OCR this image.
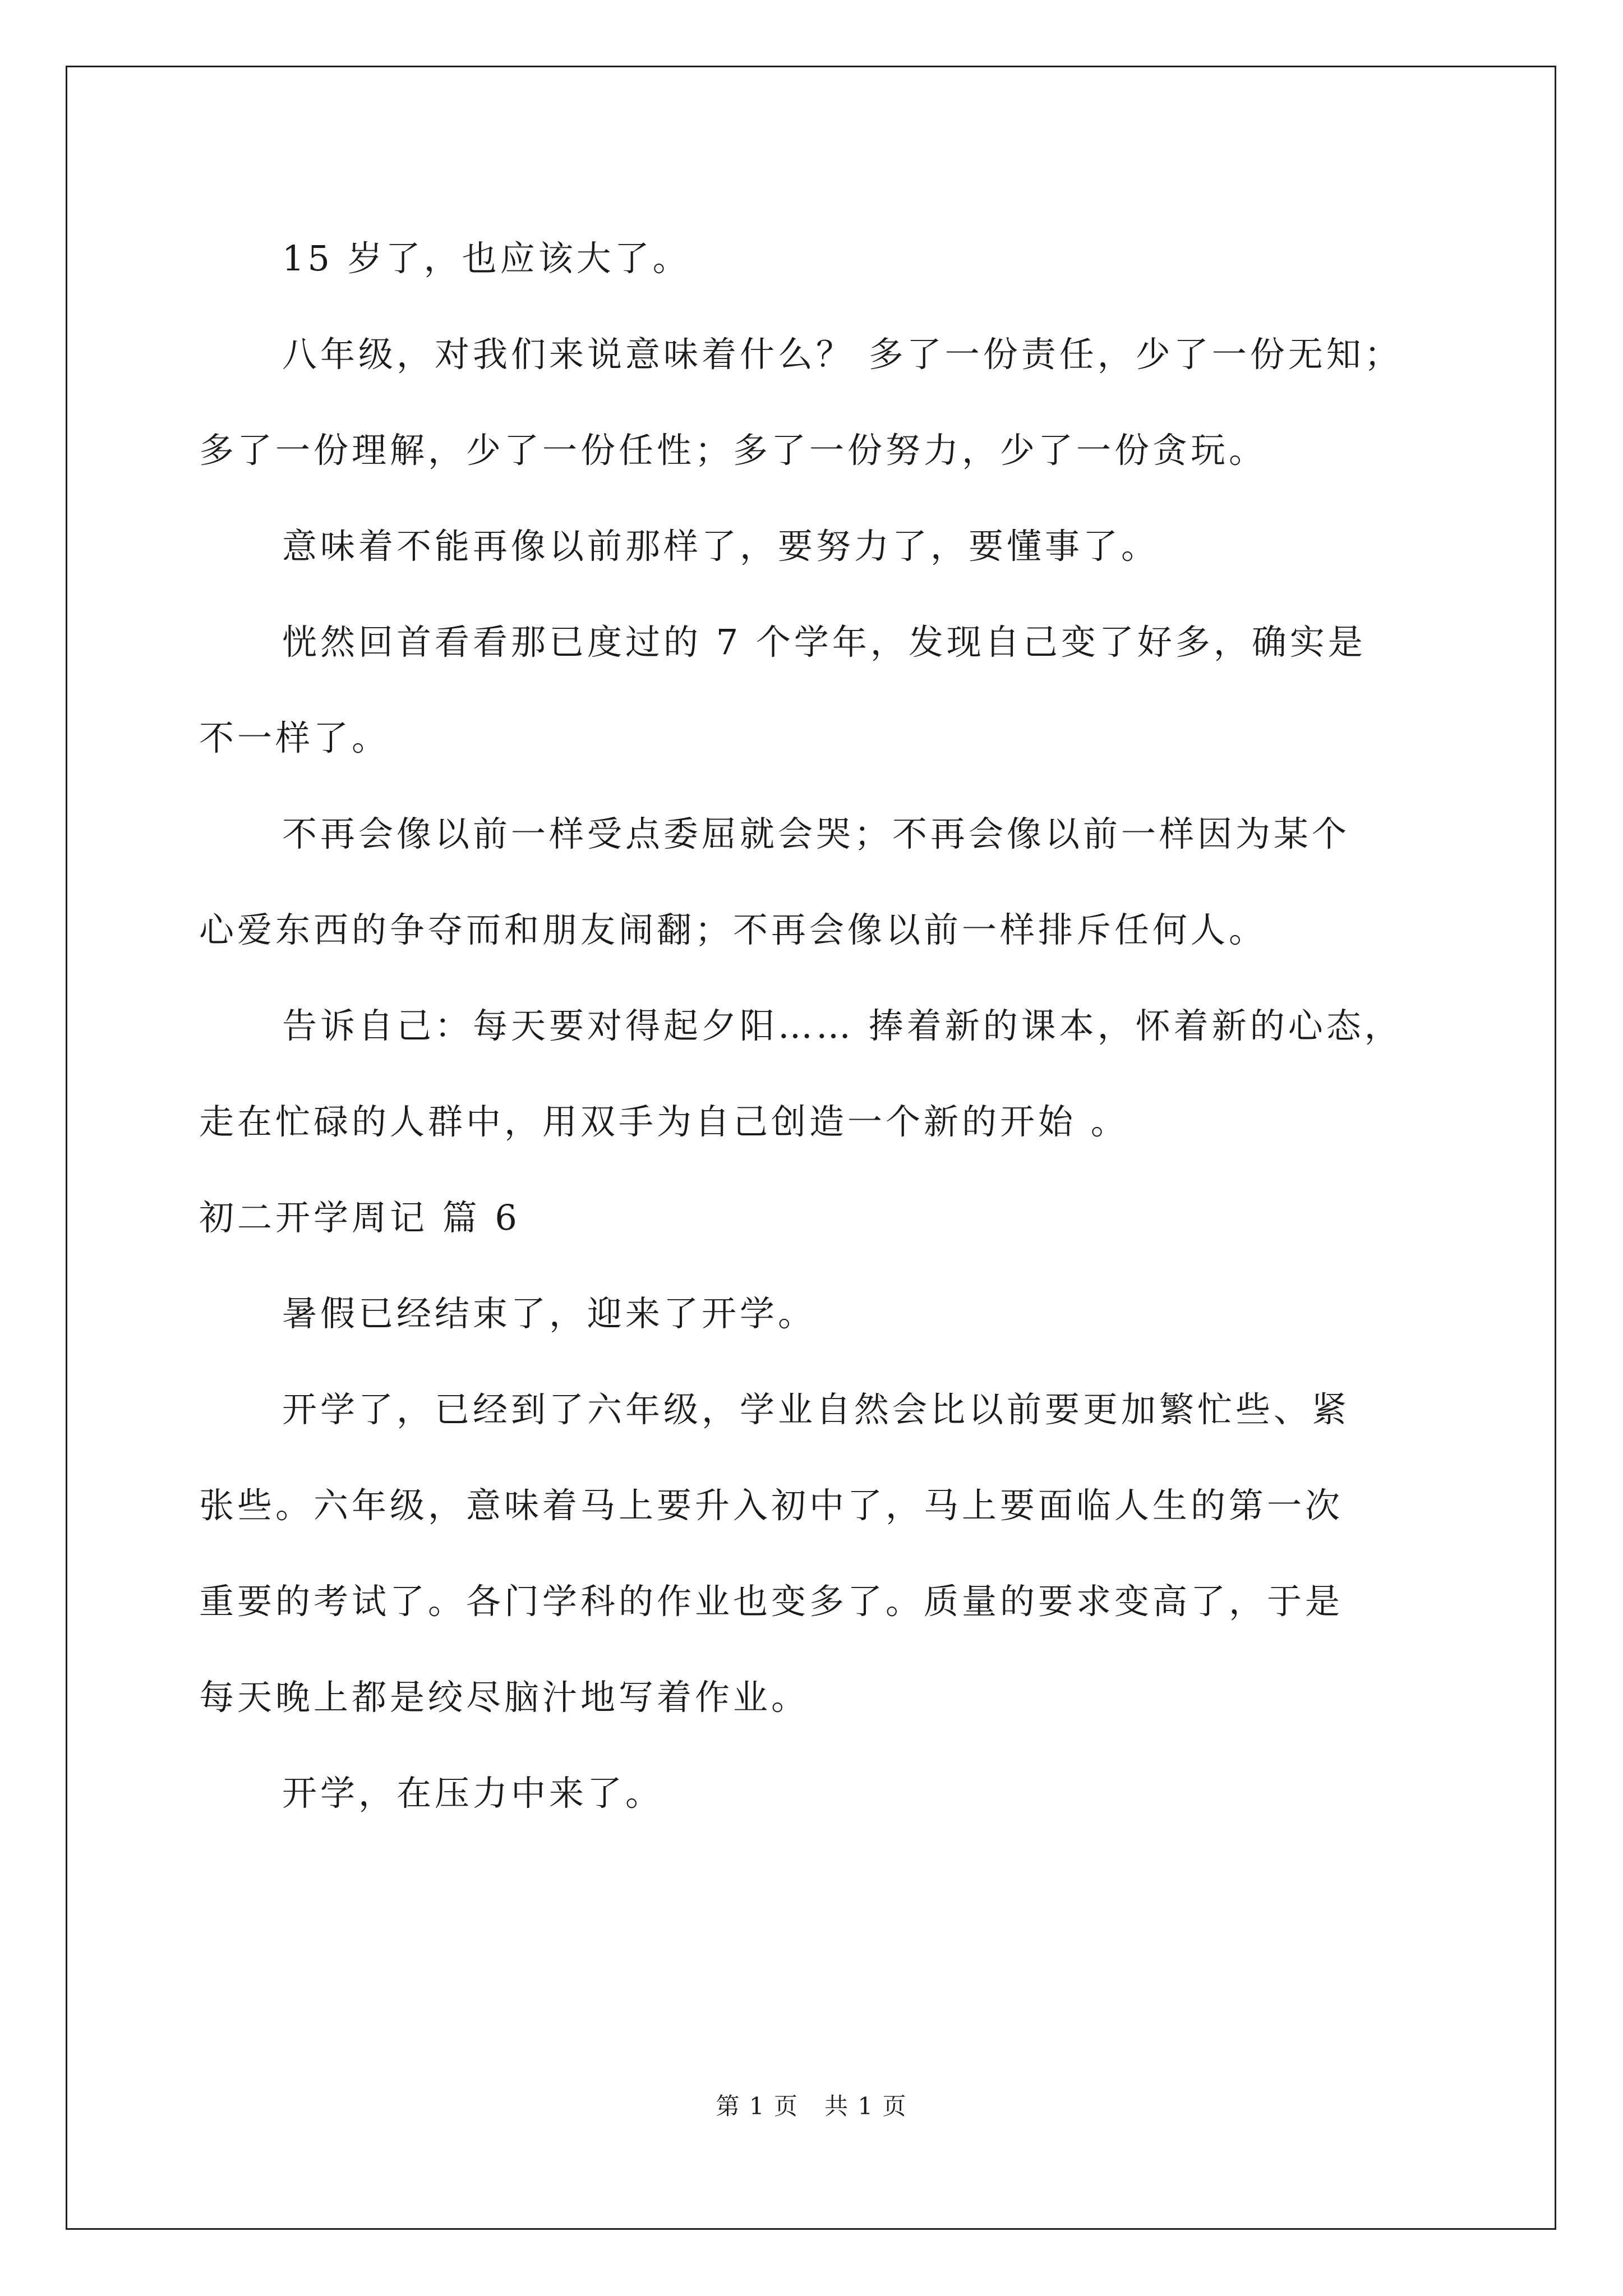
15 岁了，也应该大了。
八年级，对我们来说意味着什么？ 多了一份责任，少了一份无知；
多了一份理解，少了一份任性；多了一份努力，少了一份贪玩。
意味着不能再像以前那样了，要努力了，要懂事了。
恍然回首看看那已度过的 7 个学年，发现自己变了好多，确实是
不一样了。
不再会像以前一样受点委屈就会哭；不再会像以前一样因为某个
心爱东西的争夺而和朋友闹翻；不再会像以前一样排斥任何人。
告诉自己：每天要对得起夕阳…… 捧着新的课本，怀着新的心态，
走在忙碌的人群中，用双手为自己创造一个新的开始 。
初二开学周记 篇 6
暑假已经结束了，迎来了开学。
开学了，已经到了六年级，学业自然会比以前要更加繁忙些、紧
张些。六年级，意味着马上要升入初中了，马上要面临人生的第一次
重要的考试了。各门学科的作业也变多了。质量的要求变高了，于是
每天晚上都是绞尽脑汁地写着作业。
开学，在压力中来了。
第 1 页   共 1 页
